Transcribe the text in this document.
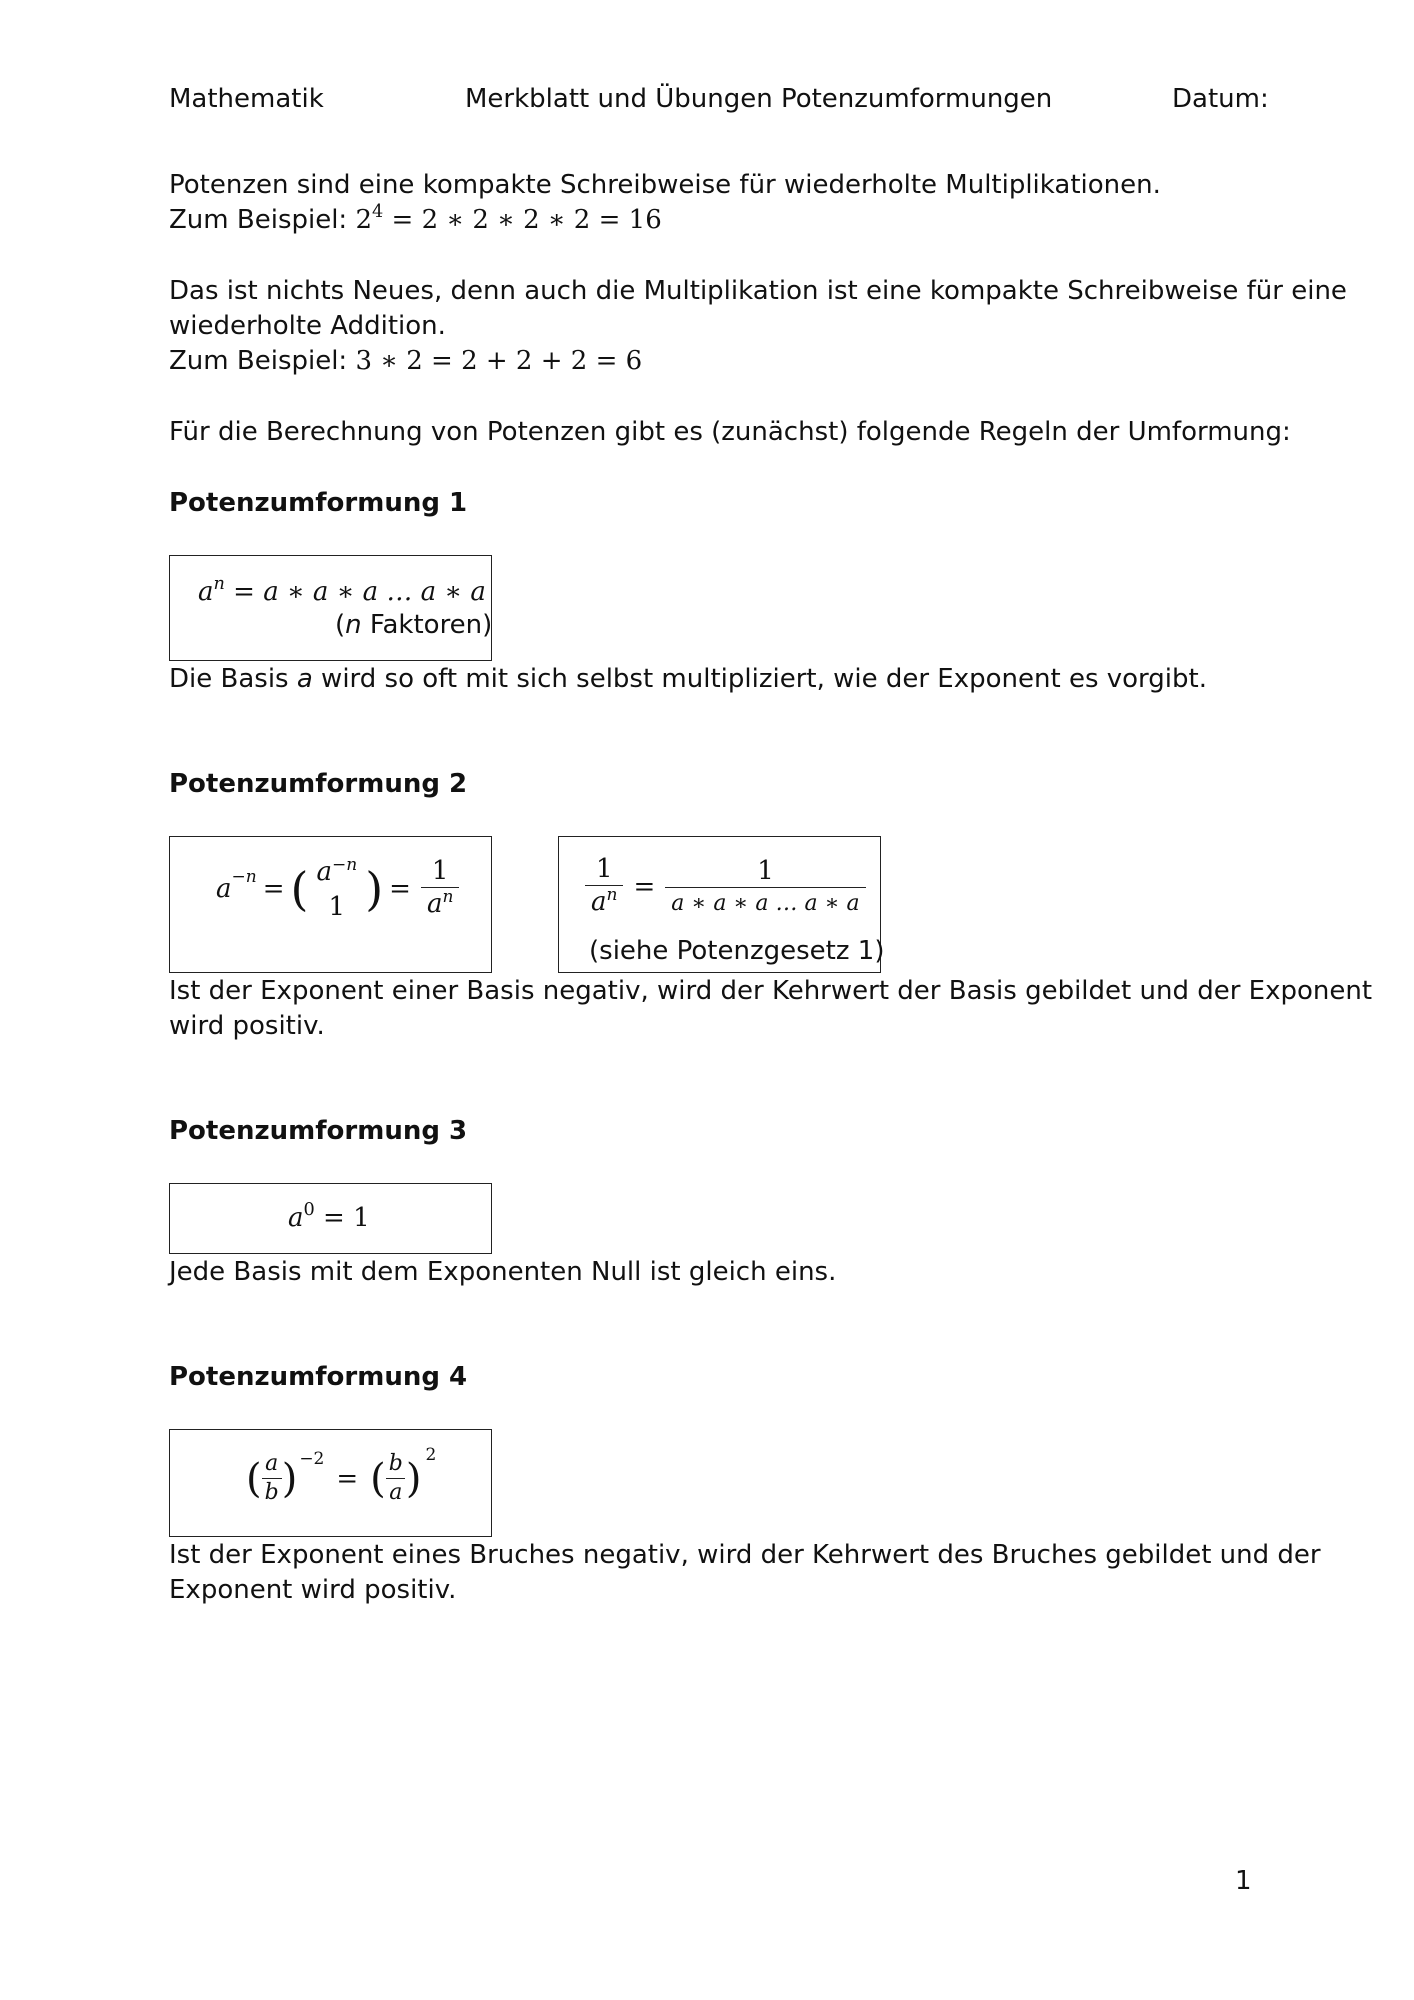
Mathematik	Merkblatt und Übungen Potenzumformungen	Datum:
Potenzen sind eine kompakte Schreibweise für wiederholte Multiplikationen.
Zum Beispiel: $2^4 = 2$ ∗ 2 ∗ 2 ∗ 2 = 16
Das ist nichts Neues, denn auch die Multiplikation ist eine kompakte Schreibweise für eine
wiederholte Addition.
Zum Beispiel: 3 ∗ 2 = 2 + 2 + 2 = 6
Für die Berechnung von Potenzen gibt es (zunächst) folgende Regeln der Umformung:
Potenzumformung 1
$a^n = a$ ∗ a ∗ a … a ∗ a
(n Faktoren)
Die Basis a wird so oft mit sich selbst multipliziert, wie der Exponent es vorgibt.
Potenzumformung 2
a −n = ( $a^{-n}$
1 ) = $\frac{1}{a^n}$	$\frac{1}{a^n} = \frac{1}{a ∗ a ∗ a \dots a ∗ a}$
(siehe Potenzgesetz 1)
Ist der Exponent einer Basis negativ, wird der Kehrwert der Basis gebildet und der Exponent
wird positiv.
Potenzumformung 3
$a^0 = 1$
Jede Basis mit dem Exponenten Null ist gleich eins.
Potenzumformung 4
( $\frac{a}{b}$ ) −2
= ( $\frac{b}{a}$ )
2
Ist der Exponent eines Bruches negativ, wird der Kehrwert des Bruches gebildet und der
Exponent wird positiv.
1
